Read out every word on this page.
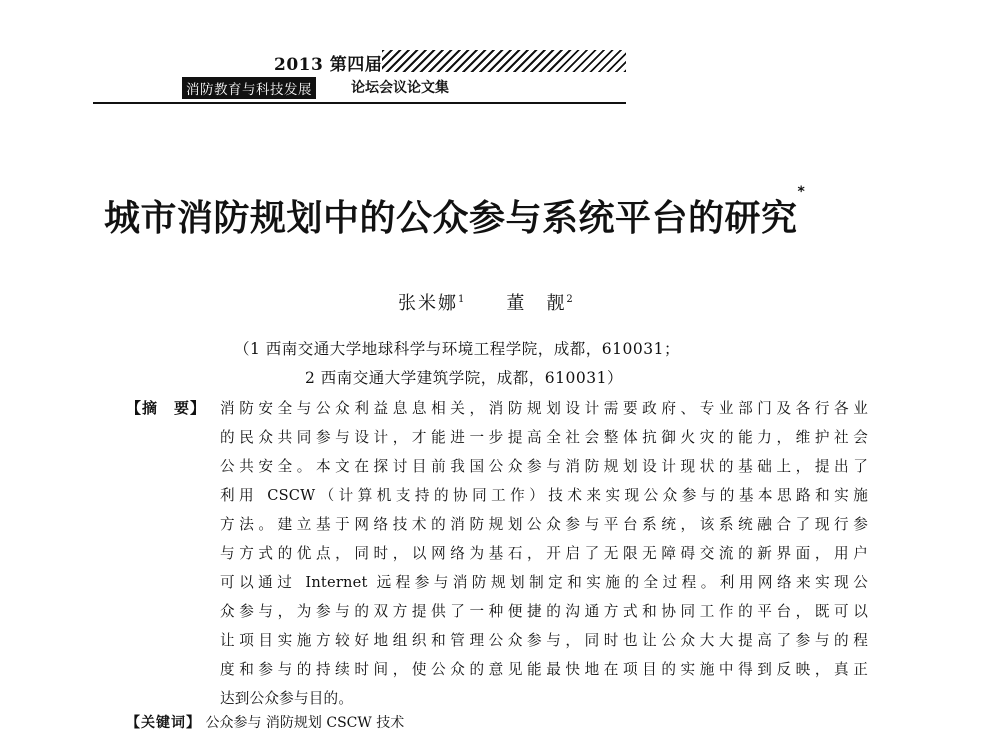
2013 第四届
消防教育与科技发展	论坛会议论文集
城市消防规划中的公众参与系统平台的研究*
张米娜$^1$ 董　靓$^2$
（1 西南交通大学地球科学与环境工程学院，成都，610031；
2 西南交通大学建筑学院，成都，610031）
【摘　要】 消防安全与公众利益息息相关，消防规划设计需要政府、专业部门及各行各业
的民众共同参与设计，才能进一步提高全社会整体抗御火灾的能力，维护社会
公共安全。本文在探讨目前我国公众参与消防规划设计现状的基础上，提出了
利用 CSCW（计算机支持的协同工作）技术来实现公众参与的基本思路和实施
方法。建立基于网络技术的消防规划公众参与平台系统，该系统融合了现行参
与方式的优点，同时，以网络为基石，开启了无限无障碍交流的新界面，用户
可以通过 Internet 远程参与消防规划制定和实施的全过程。利用网络来实现公
众参与，为参与的双方提供了一种便捷的沟通方式和协同工作的平台，既可以
让项目实施方较好地组织和管理公众参与，同时也让公众大大提高了参与的程
度和参与的持续时间，使公众的意见能最快地在项目的实施中得到反映，真正
达到公众参与目的。
【关键词】 公众参与 消防规划 CSCW 技术
